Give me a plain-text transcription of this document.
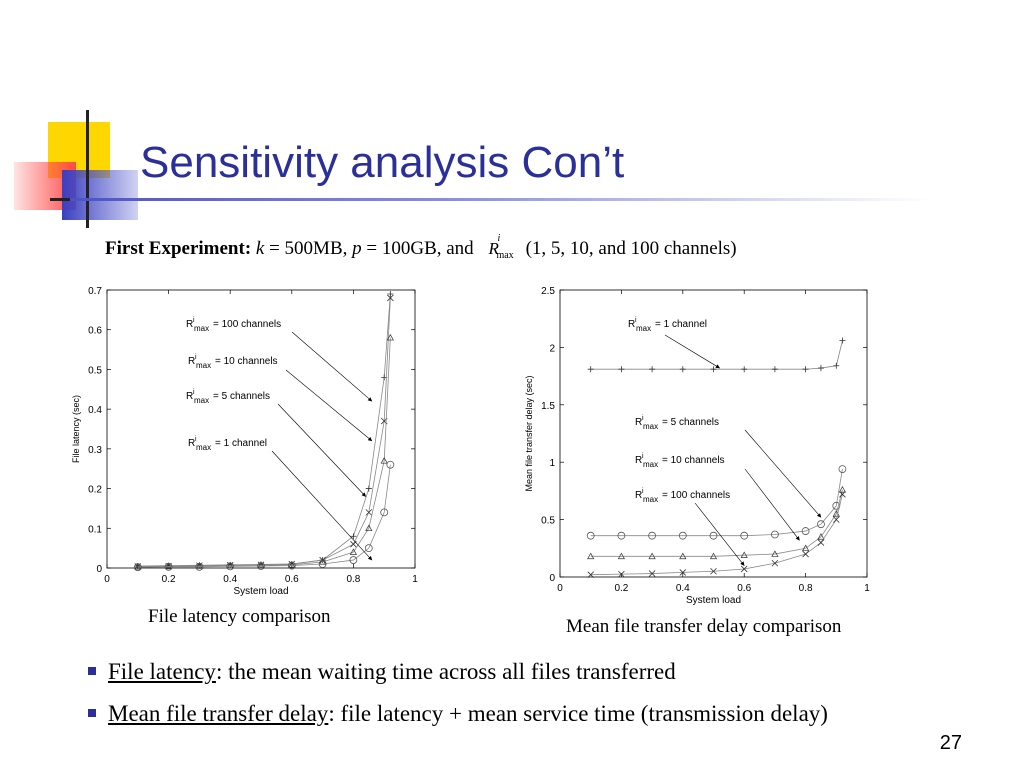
Sensitivity analysis Con’t
First Experiment: k = 500MB, p = 100GB, and R
i
max (1, 5, 10, and 100 channels)
0	0.2	0.4	0.6	0.8	1
0
0.1
0.2
0.3
0.4
0.5
0.6
0.7
System load
File latency (sec)
R i
max = 100 channels
R i
max = 10 channels
R i
max = 5 channels
R i
max = 1 channel
0	0.2	0.4	0.6	0.8	1
0
0.5
1
1.5
2
2.5
System load
Mean file transfer delay (sec)
R i
max = 1 channel
R i
max = 5 channels
R i
max = 10 channels
R i
max = 100 channels
File latency comparison	Mean file transfer delay comparison
File latency: the mean waiting time across all files transferred
Mean file transfer delay: file latency + mean service time (transmission delay)
27
